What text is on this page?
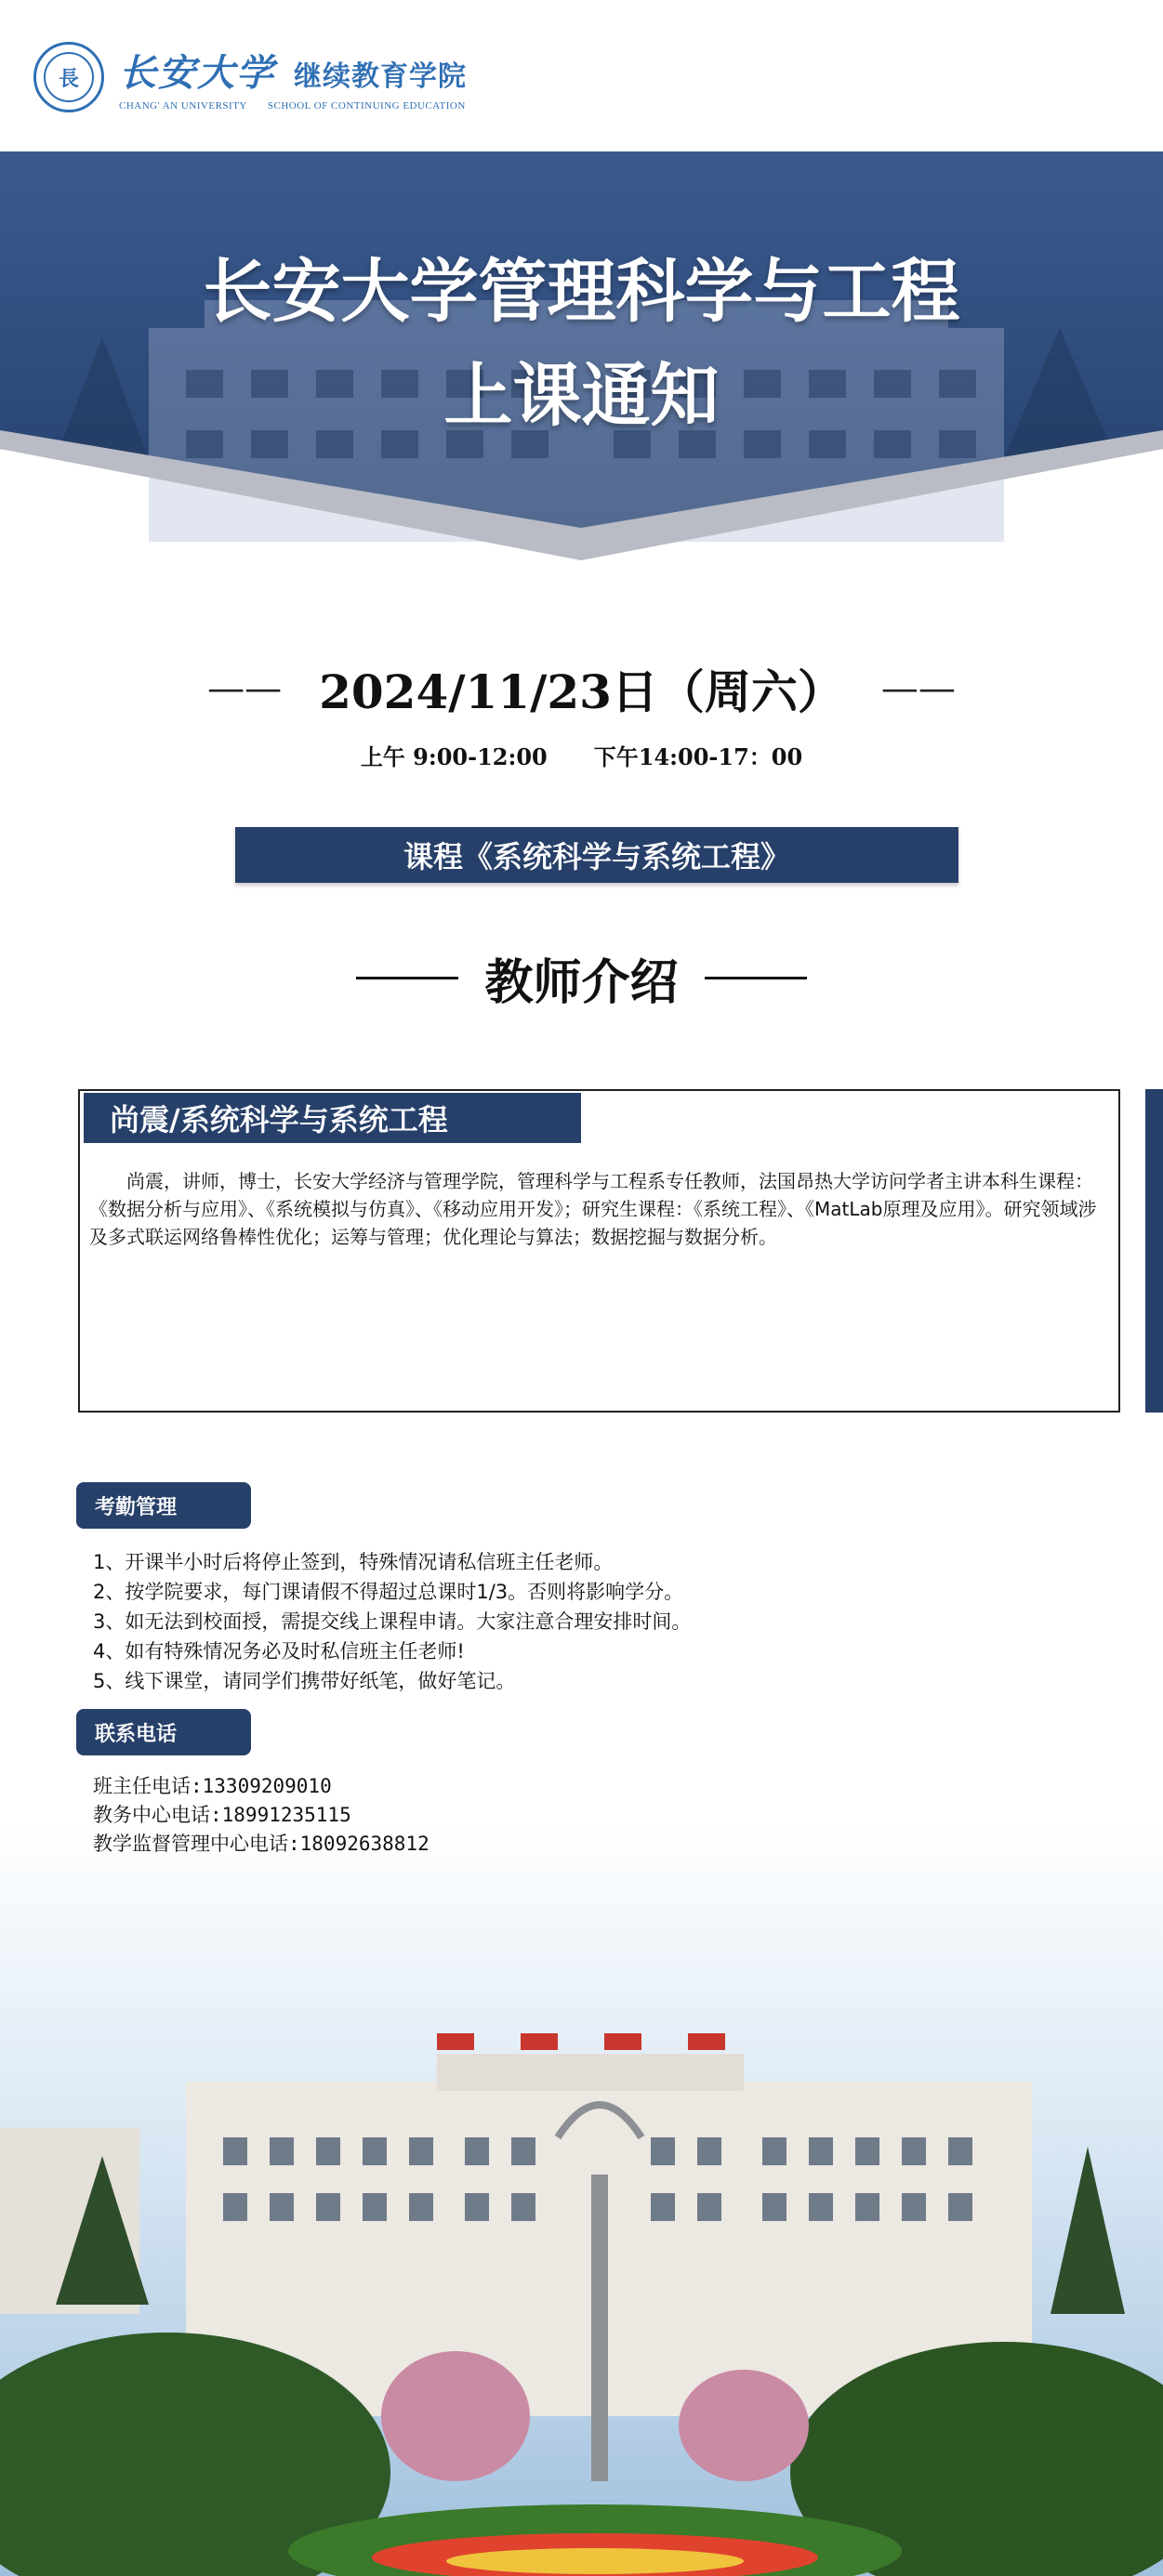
長	长安大学 继续教育学院
CHANG' AN UNIVERSITY SCHOOL OF CONTINUING EDUCATION
长安大学管理科学与工程
上课通知
—— 2024/11/23日（周六） ——
上午 9:00-12:00 下午14:00-17：00
课程《系统科学与系统工程》
教师介绍
尚震/系统科学与系统工程
尚震，讲师，博士，长安大学经济与管理学院，管理科学与工程系专任教师，法国昂热大学访问学者主讲本科生课程：《数据分析与应用》、《系统模拟与仿真》、《移动应用开发》；研究生课程：《系统工程》、《MatLab原理及应用》。研究领域涉及多式联运网络鲁棒性优化；运筹与管理；优化理论与算法；数据挖掘与数据分析。
考勤管理
1、开课半小时后将停止签到，特殊情况请私信班主任老师。
2、按学院要求，每门课请假不得超过总课时1/3。否则将影响学分。
3、如无法到校面授，需提交线上课程申请。大家注意合理安排时间。
4、如有特殊情况务必及时私信班主任老师!
5、线下课堂，请同学们携带好纸笔，做好笔记。
联系电话
班主任电话:13309209010
教务中心电话:18991235115
教学监督管理中心电话:18092638812
